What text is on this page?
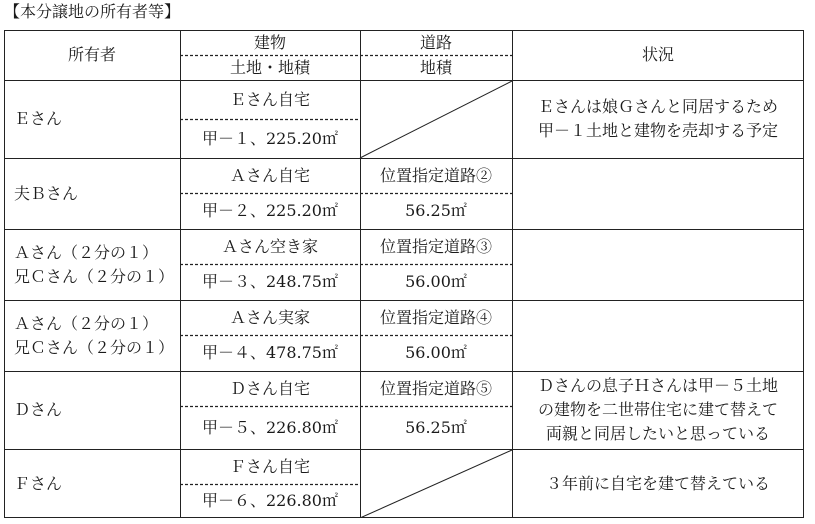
【本分譲地の所有者等】
所有者
建物
土地・地積
道路
地積
状況
Ｅさん
Ｅさん自宅
甲－１、225.20㎡
Ｅさんは娘Ｇさんと同居するため
甲－１土地と建物を売却する予定
夫Ｂさん
Ａさん自宅
甲－２、225.20㎡
位置指定道路②
56.25㎡
Ａさん（２分の１）
兄Ｃさん（２分の１）
Ａさん空き家
甲－３、248.75㎡
位置指定道路③
56.00㎡
Ａさん（２分の１）
兄Ｃさん（２分の１）
Ａさん実家
甲－４、478.75㎡
位置指定道路④
56.00㎡
Ｄさん
Ｄさん自宅
甲－５、226.80㎡
位置指定道路⑤
56.25㎡
Ｄさんの息子Ｈさんは甲－５土地
の建物を二世帯住宅に建て替えて
両親と同居したいと思っている
Ｆさん
Ｆさん自宅
甲－６、226.80㎡
３年前に自宅を建て替えている
